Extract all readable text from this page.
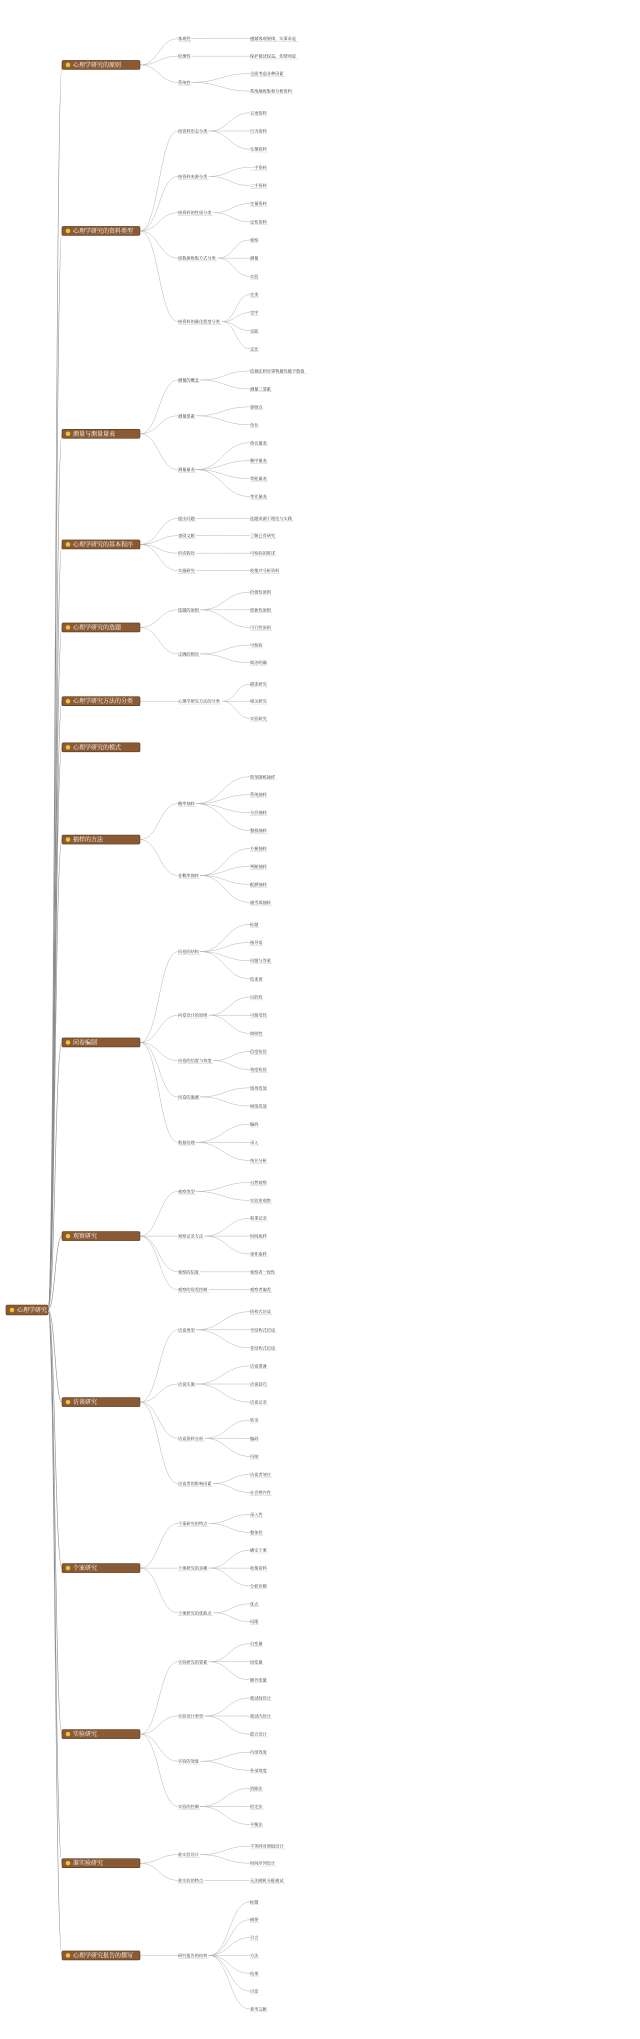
心理学研究方法
心理学研究的原则
客观性	遵循客观规律，实事求是
伦理性	保护被试权益，知情同意
系统性
全面考虑各种因素
系统地收集和分析资料
心理学研究的资料类型
按资料形态分类
言语资料
行为资料
生理资料
按资料来源分类
一手资料
二手资料
按资料的性质分类
定量资料
定性资料
按数据收集方式分类
观察
测量
实验
按资料的量化程度分类
定类
定序
定距
定比
测量与测量量表
测量的概念
依据法则对事物属性赋予数值
测量三要素
测量要素
参照点
单位
测量量表
命名量表
顺序量表
等距量表
等比量表
心理学研究的基本程序
提出问题	选题来源于理论与实践
查阅文献	了解已有研究
形成假设	可检验的陈述
实施研究	收集并分析资料
心理学研究的选题
选题的原则
价值性原则
创新性原则
可行性原则
正确的假设
可检验
简洁明确
心理学研究方法的分类	心理学研究方法的分类
描述研究
相关研究
实验研究
心理学研究的模式
抽样的方法
概率抽样
简单随机抽样
系统抽样
分层抽样
整群抽样
非概率抽样
方便抽样
判断抽样
配额抽样
滚雪球抽样
问卷编制
问卷的结构
标题
指导语
问题与答案
结束语
问卷设计的原则
目的性
可接受性
简明性
问卷的信度与效度
信度检验
效度检验
问卷的施测
现场发放
网络发放
数据处理
编码
录入
统计分析
观察研究
观察类型
自然观察
实验室观察
观察记录方法
叙事记录
时间取样
事件取样
观察的信度	观察者一致性
观察的误差控制	观察者偏差
访谈研究
访谈类型
结构式访谈
半结构式访谈
非结构式访谈
访谈实施
访谈准备
访谈技巧
访谈记录
访谈资料分析
转录
编码
归纳
访谈者的影响因素
访谈者效应
社会赞许性
个案研究
个案研究的特点
深入性
整体性
个案研究的步骤
确定个案
收集资料
分析诊断
个案研究的优缺点
优点
局限
实验研究
实验研究的要素
自变量
因变量
额外变量
实验设计类型
被试间设计
被试内设计
混合设计
实验的效度
内部效度
外部效度
实验的控制
消除法
恒定法
平衡法
准实验研究
准实验设计
不等同对照组设计
时间序列设计
准实验的特点	无法随机分配被试
心理学研究报告的撰写	研究报告的结构
标题
摘要
引言
方法
结果
讨论
参考文献
